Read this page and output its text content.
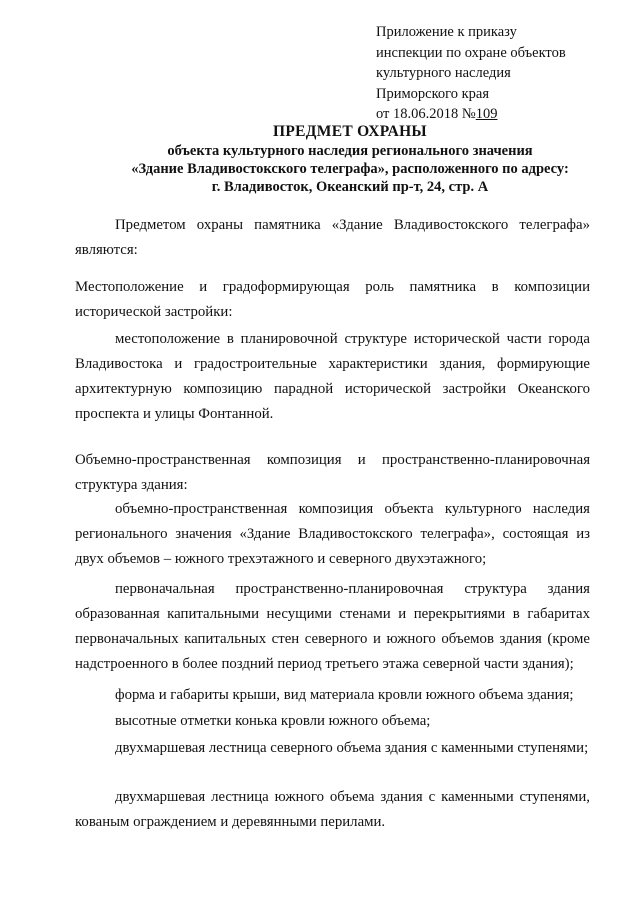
Приложение к приказу
инспекции по охране объектов
культурного наследия
Приморского края
от 18.06.2018 №109
ПРЕДМЕТ ОХРАНЫ
объекта культурного наследия регионального значения
«Здание Владивостокского телеграфа», расположенного по адресу:
г. Владивосток, Океанский пр-т, 24, стр. А
Предметом охраны памятника «Здание Владивостокского телеграфа» являются:
Местоположение и градоформирующая роль памятника в композиции исторической застройки:
местоположение в планировочной структуре исторической части города Владивостока и градостроительные характеристики здания, формирующие архитектурную композицию парадной исторической застройки Океанского проспекта и улицы Фонтанной.
Объемно-пространственная композиция и пространственно-планировочная структура здания:
объемно-пространственная композиция объекта культурного наследия регионального значения «Здание Владивостокского телеграфа», состоящая из двух объемов – южного трехэтажного и северного двухэтажного;
первоначальная пространственно-планировочная структура здания образованная капитальными несущими стенами и перекрытиями в габаритах первоначальных капитальных стен северного и южного объемов здания (кроме надстроенного в более поздний период третьего этажа северной части здания);
форма и габариты крыши, вид материала кровли южного объема здания;
высотные отметки конька кровли южного объема;
двухмаршевая лестница северного объема здания с каменными ступенями;
двухмаршевая лестница южного объема здания с каменными ступенями, кованым ограждением и деревянными перилами.
